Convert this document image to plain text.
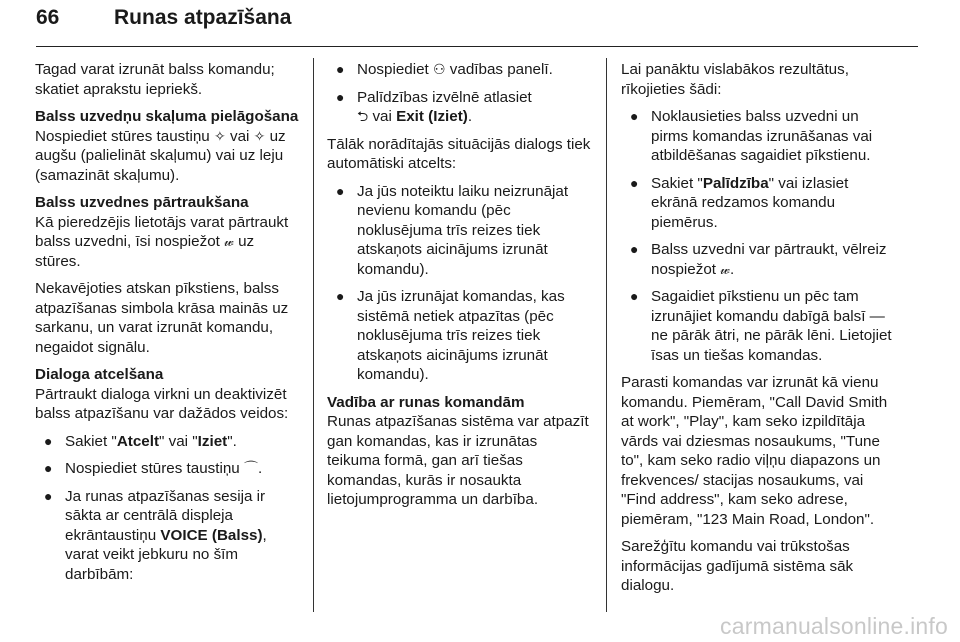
66	Runas atpazīšana

Tagad varat izrunāt balss komandu; skatiet aprakstu iepriekš.

Balss uzvedņu skaļuma pielāgošana

Nospiediet stūres taustiņu ✧ vai ✧ uz augšu (palielināt skaļumu) vai uz leju (samazināt skaļumu).

Balss uzvednes pārtraukšana

Kā pieredzējis lietotājs varat pārtraukt balss uzvedni, īsi nospiežot 𝓌 uz stūres.

Nekavējoties atskan pīkstiens, balss atpazīšanas simbola krāsa mainās uz sarkanu, un varat izrunāt komandu, negaidot signālu.

Dialoga atcelšana

Pārtraukt dialoga virkni un deaktivizēt balss atpazīšanu var dažādos veidos:

● Sakiet "Atcelt" vai "Iziet".
● Nospiediet stūres taustiņu ⌒.
● Ja runas atpazīšanas sesija ir sākta ar centrālā displeja ekrāntaustiņu VOICE (Balss), varat veikt jebkuru no šīm darbībām:
● Nospiediet ⚇ vadības panelī.
● Palīdzības izvēlnē atlasiet
⮌ vai Exit (Iziet).

Tālāk norādītajās situācijās dialogs tiek automātiski atcelts:

● Ja jūs noteiktu laiku neizrunājat nevienu komandu (pēc noklusējuma trīs reizes tiek atskaņots aicinājums izrunāt komandu).
● Ja jūs izrunājat komandas, kas sistēmā netiek atpazītas (pēc noklusējuma trīs reizes tiek atskaņots aicinājums izrunāt komandu).

Vadība ar runas komandām

Runas atpazīšanas sistēma var atpazīt gan komandas, kas ir izrunātas teikuma formā, gan arī tiešas komandas, kurās ir nosaukta lietojumprogramma un darbība.

Lai panāktu vislabākos rezultātus, rīkojieties šādi:

● Noklausieties balss uzvedni un pirms komandas izrunāšanas vai atbildēšanas sagaidiet pīkstienu.
● Sakiet "Palīdzība" vai izlasiet ekrānā redzamos komandu piemērus.
● Balss uzvedni var pārtraukt, vēlreiz nospiežot 𝓌.
● Sagaidiet pīkstienu un pēc tam izrunājiet komandu dabīgā balsī — ne pārāk ātri, ne pārāk lēni. Lietojiet īsas un tiešas komandas.

Parasti komandas var izrunāt kā vienu komandu. Piemēram, "Call David Smith at work", "Play", kam seko izpildītāja vārds vai dziesmas nosaukums, "Tune to", kam seko radio viļņu diapazons un frekvences/ stacijas nosaukums, vai "Find address", kam seko adrese, piemēram, "123 Main Road, London".

Sarežģītu komandu vai trūkstošas informācijas gadījumā sistēma sāk dialogu.

carmanualsonline.info
